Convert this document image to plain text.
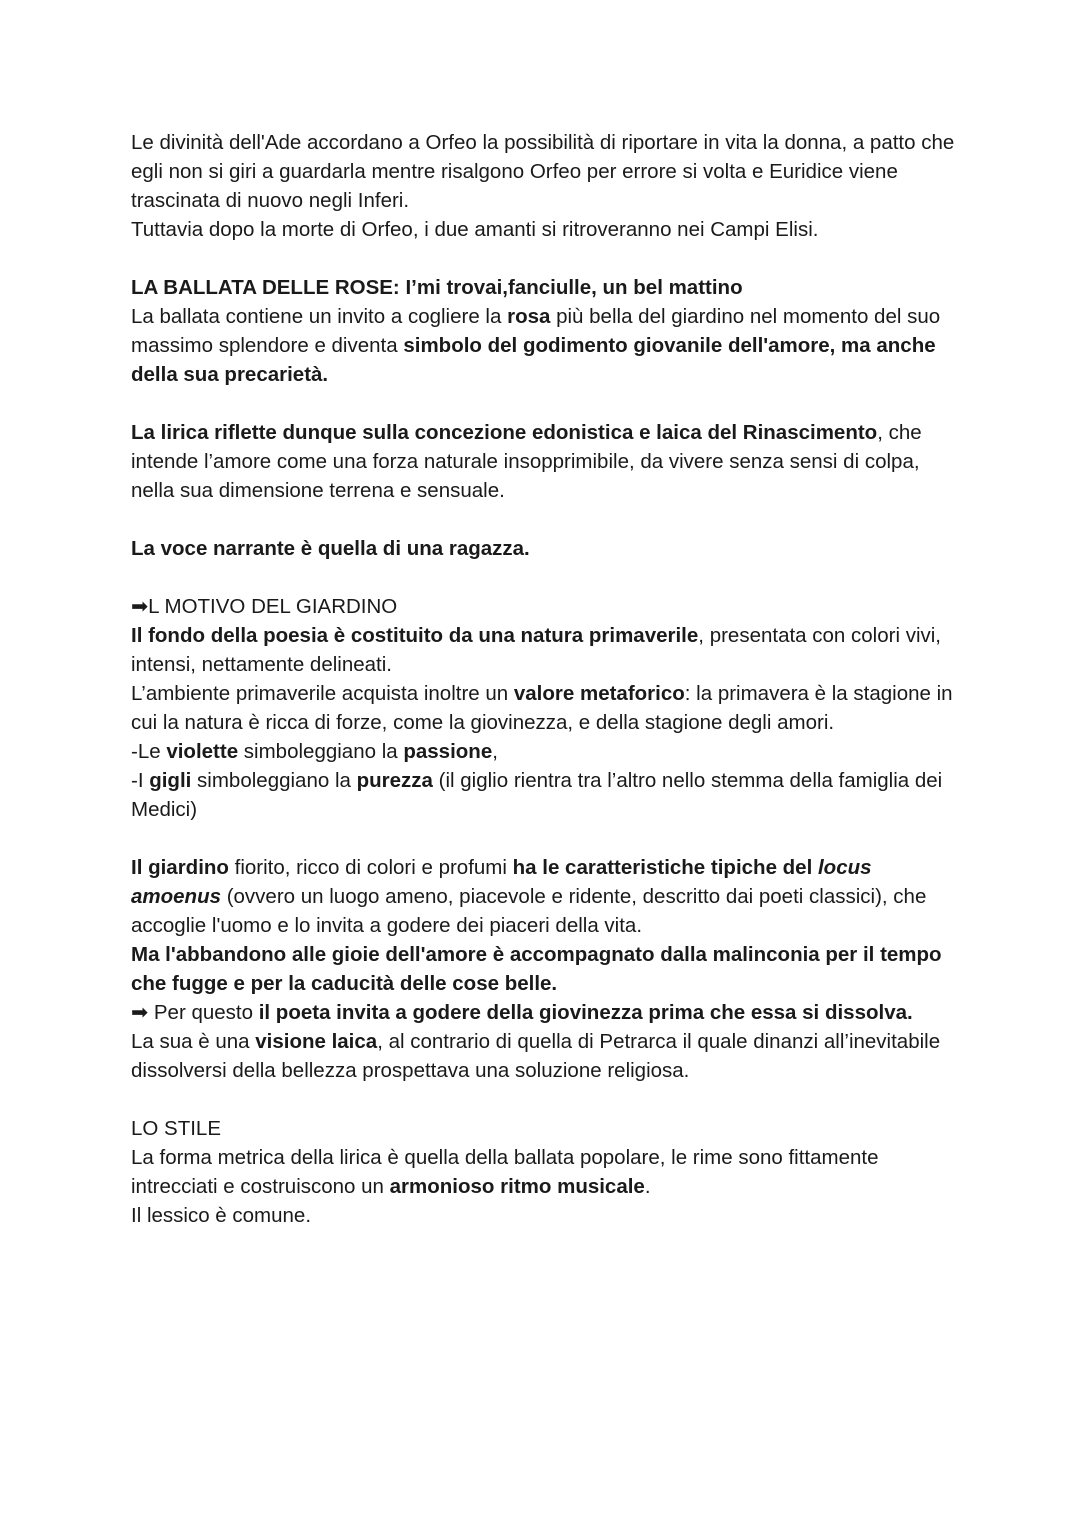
Le divinità dell'Ade accordano a Orfeo la possibilità di riportare in vita la donna, a patto che egli non si giri a guardarla mentre risalgono Orfeo per errore si volta e Euridice viene trascinata di nuovo negli Inferi.

Tuttavia dopo la morte di Orfeo, i due amanti si ritroveranno nei Campi Elisi.

LA BALLATA DELLE ROSE: I’mi trovai,fanciulle, un bel mattino

La ballata contiene un invito a cogliere la rosa più bella del giardino nel momento del suo massimo splendore e diventa simbolo del godimento giovanile dell'amore, ma anche della sua precarietà.

La lirica riflette dunque sulla concezione edonistica e laica del Rinascimento, che intende l’amore come una forza naturale insopprimibile, da vivere senza sensi di colpa, nella sua dimensione terrena e sensuale.

La voce narrante è quella di una ragazza.

➡L MOTIVO DEL GIARDINO

Il fondo della poesia è costituito da una natura primaverile, presentata con colori vivi, intensi, nettamente delineati.

L’ambiente primaverile acquista inoltre un valore metaforico: la primavera è la stagione in cui la natura è ricca di forze, come la giovinezza, e della stagione degli amori.

-Le violette simboleggiano la passione,

-I gigli simboleggiano la purezza (il giglio rientra tra l’altro nello stemma della famiglia dei Medici)

Il giardino fiorito, ricco di colori e profumi ha le caratteristiche tipiche del locus amoenus (ovvero un luogo ameno, piacevole e ridente, descritto dai poeti classici), che accoglie l'uomo e lo invita a godere dei piaceri della vita.

Ma l'abbandono alle gioie dell'amore è accompagnato dalla malinconia per il tempo che fugge e per la caducità delle cose belle.

➡ Per questo il poeta invita a godere della giovinezza prima che essa si dissolva.

La sua è una visione laica, al contrario di quella di Petrarca il quale dinanzi all’inevitabile dissolversi della bellezza prospettava una soluzione religiosa.

LO STILE

La forma metrica della lirica è quella della ballata popolare, le rime sono fittamente intrecciati e costruiscono un armonioso ritmo musicale.

Il lessico è comune.
